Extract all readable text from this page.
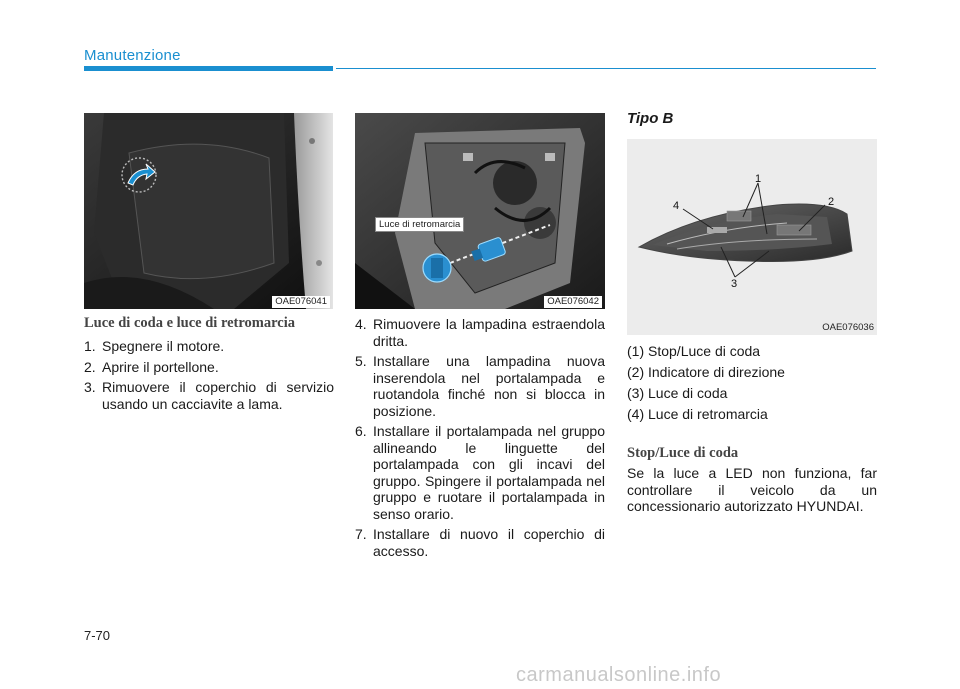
Manutenzione
OAE076041
Luce di retromarcia
OAE076042
Luce di coda e luce di retromarcia
1. Spegnere il motore.
2. Aprire il portellone.
3. Rimuovere il coperchio di servizio usando un cacciavite a lama.
4. Rimuovere la lampadina estraendola dritta.
5. Installare una lampadina nuova inserendola nel portalampada e ruotandola finché non si blocca in posizione.
6. Installare il portalampada nel gruppo allineando le linguette del portalampada con gli incavi del gruppo. Spingere il portalampada nel gruppo e ruotare il portalampada in senso orario.
7. Installare di nuovo il coperchio di accesso.
Tipo B
1
2
3
4
OAE076036
(1) Stop/Luce di coda
(2) Indicatore di direzione
(3) Luce di coda
(4) Luce di retromarcia
Stop/Luce di coda
Se la luce a LED non funziona, far controllare il veicolo da un concessionario autorizzato HYUNDAI.
7-70
carmanualsonline.info
